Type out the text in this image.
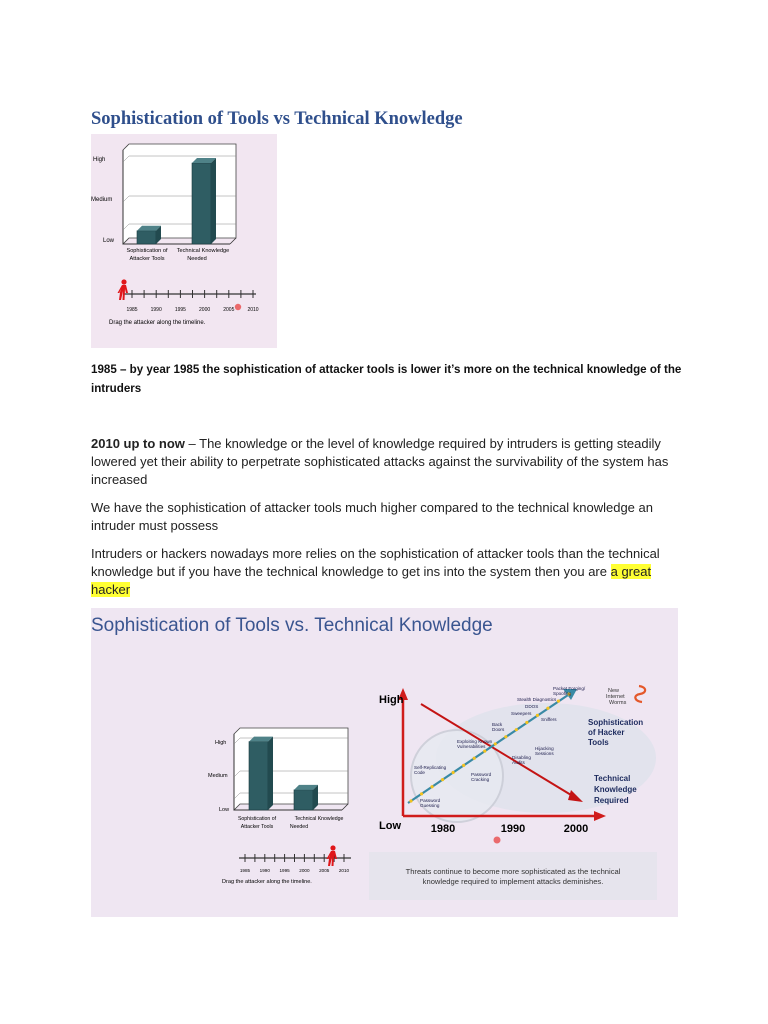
Sophistication of Tools vs Technical Knowledge
High
Medium
Low
Sophistication of
Attacker Tools
Technical Knowledge
Needed
1985	1990	1995	2000	2005	2010
Drag the attacker along the timeline.
1985 – by year 1985 the sophistication of attacker tools is lower it’s more on the technical knowledge of the intruders
2010 up to now – The knowledge or the level of knowledge required by intruders is getting steadily lowered yet their ability to perpetrate sophisticated attacks against the survivability of the system has increased
We have the sophistication of attacker tools much higher compared to the technical knowledge an intruder must possess
Intruders or hackers nowadays more relies on the sophistication of attacker tools than the technical knowledge but if you have the technical knowledge to get ins into the system then you are a great hacker
Sophistication of Tools vs. Technical Knowledge
High
Medium
Low
Sophistication of
Attacker Tools
Technical Knowledge
Needed
1985 1990 1995 2000 2005 2010
Drag the attacker along the timeline.
High
Low	1980	1990	2000
Password
Guessing
Self-Replicating
Code	Password
Cracking
Exploiting Known
Vulnerabilities
Disabling
Audits
Back
Doors
Hijacking
Sessions
Sweepers
Sniffers
Stealth Diagnostics
DDOS
Packet Forging/
Spoofing	New
Internet
Worms
Sophistication
of Hacker
Tools
Technical
Knowledge
Required
Threats continue to become more sophisticated as the technical
knowledge required to implement attacks deminishes.
